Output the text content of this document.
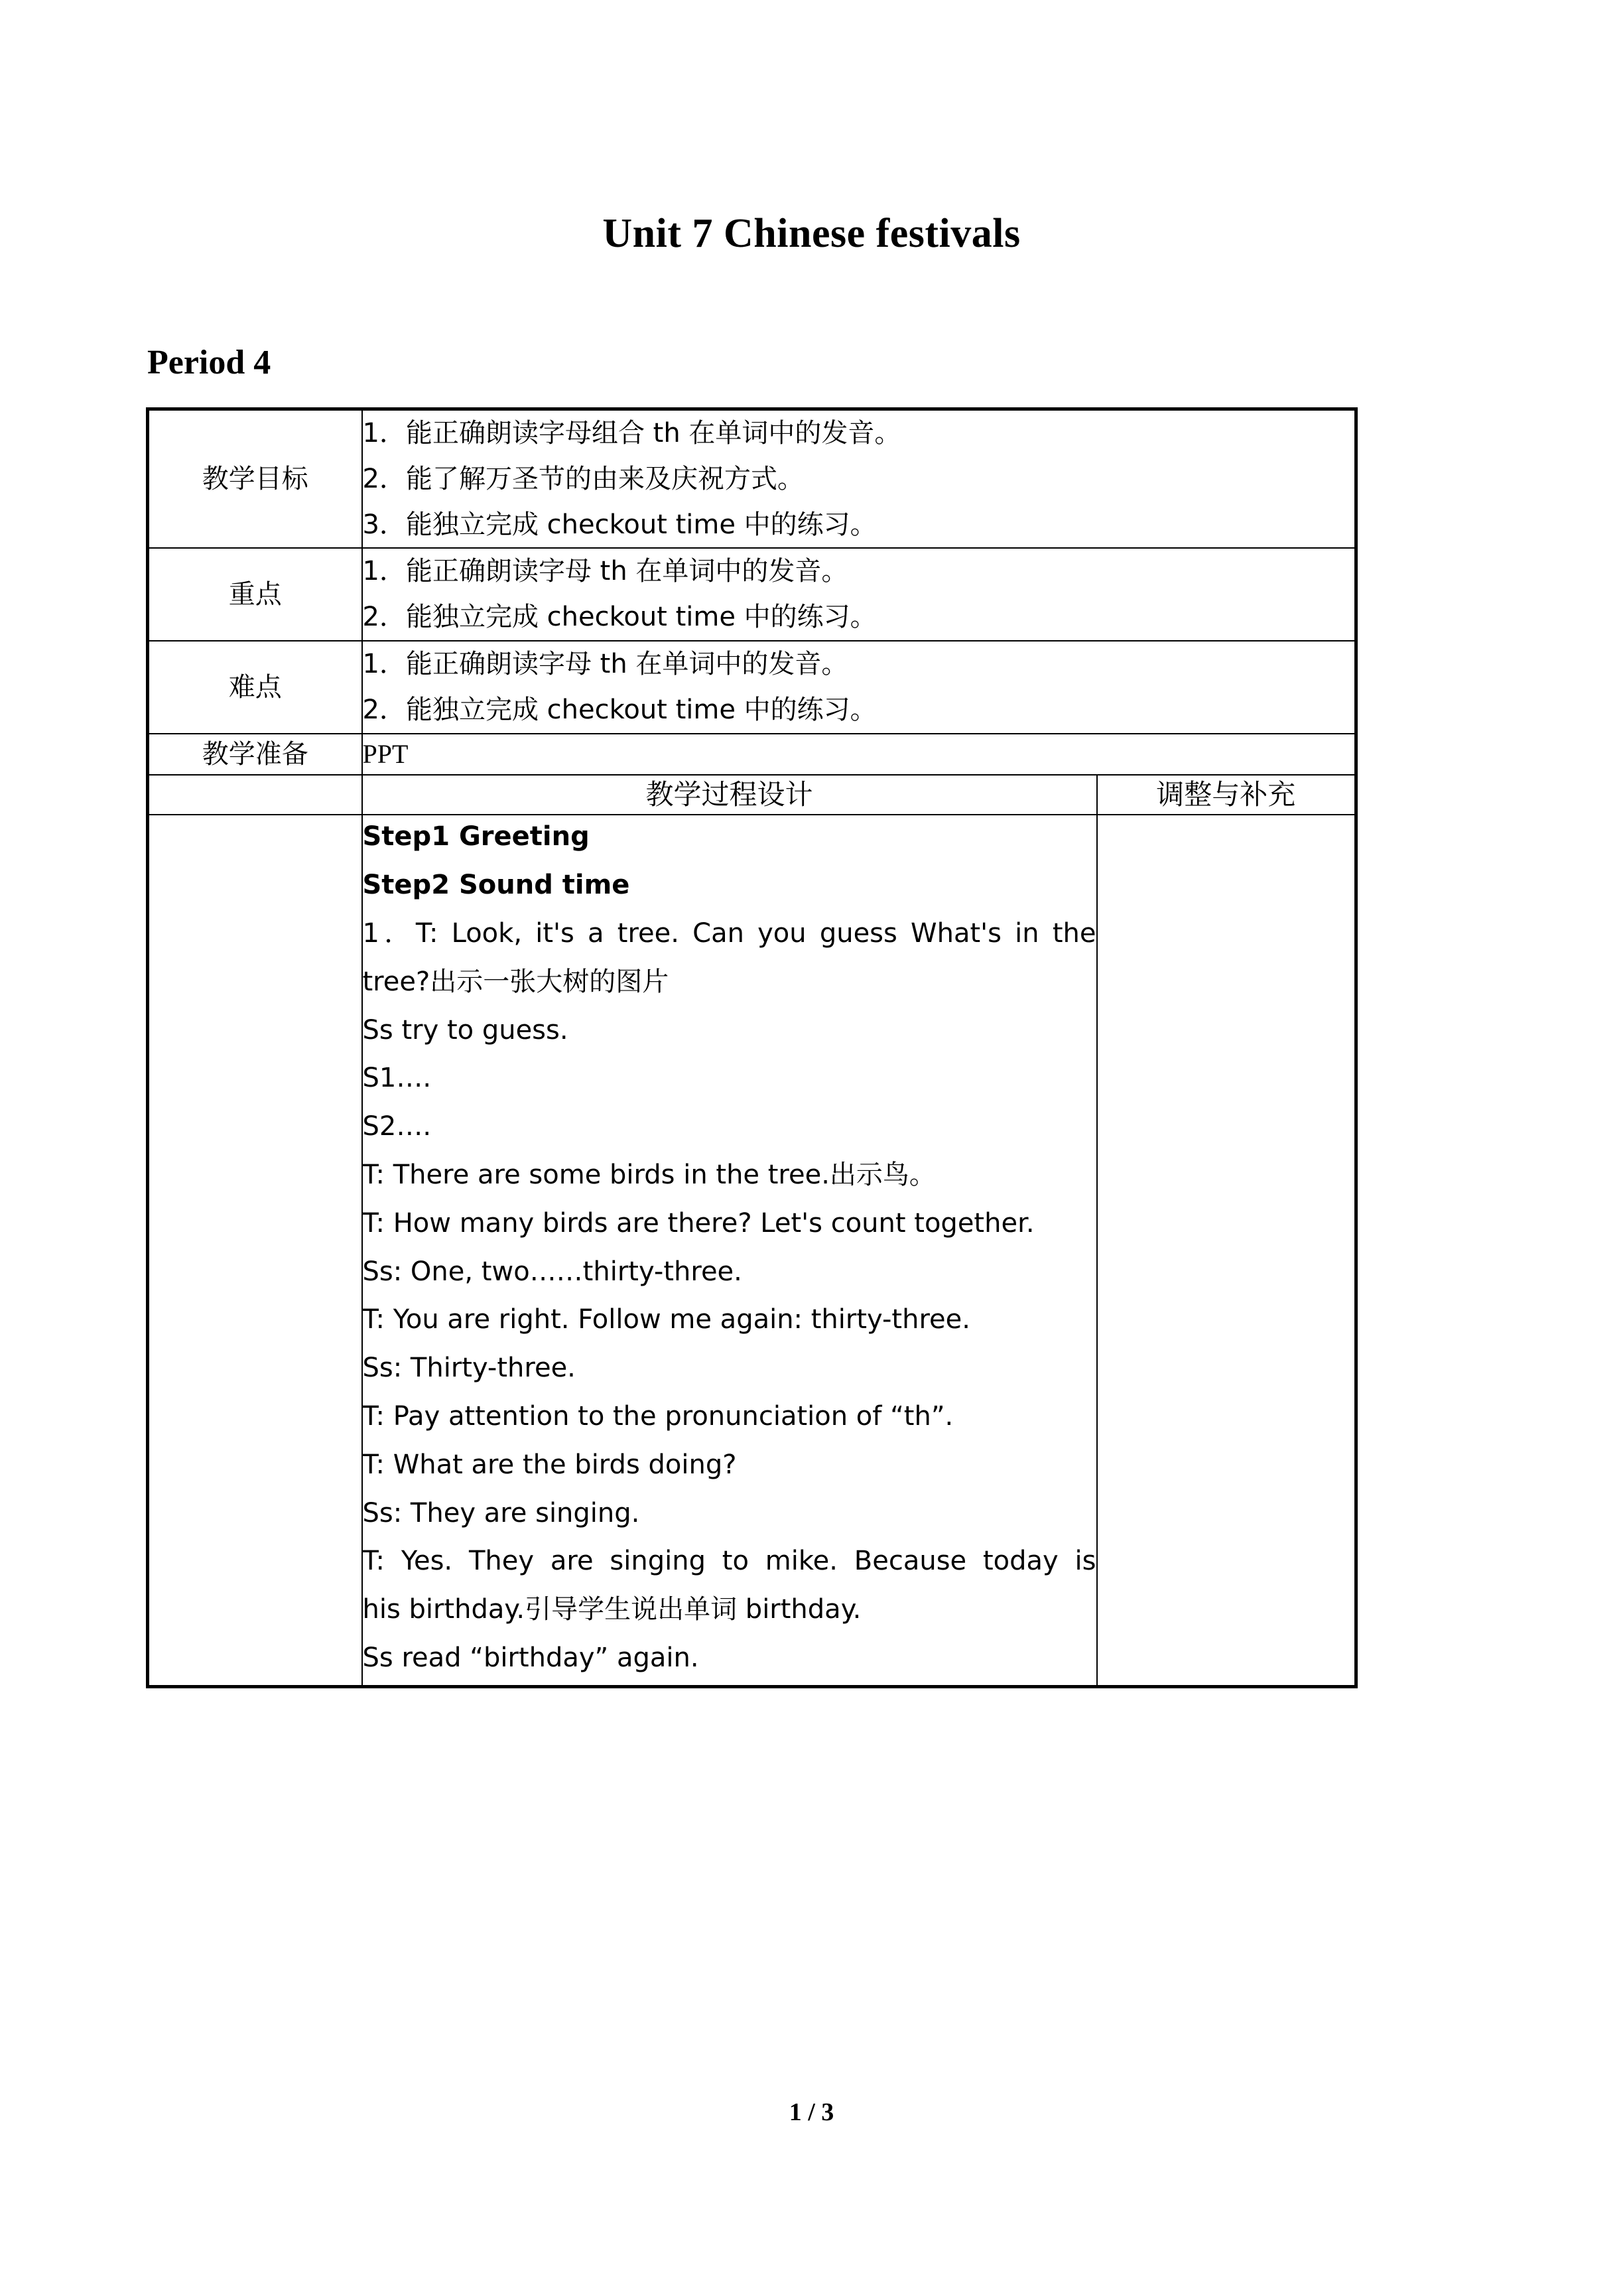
Unit 7 Chinese festivals
Period 4
教学目标	1．能正确朗读字母组合 th 在单词中的发音。
2．能了解万圣节的由来及庆祝方式。
3．能独立完成 checkout time 中的练习。	

重点	1．能正确朗读字母 th 在单词中的发音。
2．能独立完成 checkout time 中的练习。	

难点	1．能正确朗读字母 th 在单词中的发音。
2．能独立完成 checkout time 中的练习。	

教学准备	PPT	
	教学过程设计	调整与补充

Step1 Greeting
Step2 Sound time
1．T: Look, it's a tree. Can you guess What's in the
tree?出示一张大树的图片
Ss try to guess.
S1….
S2….
T: There are some birds in the tree.出示鸟。
T: How many birds are there? Let's count together.
Ss: One, two……thirty-three.
T: You are right. Follow me again: thirty-three.
Ss: Thirty-three.
T: Pay attention to the pronunciation of “th”.
T: What are the birds doing?
Ss: They are singing.
T: Yes. They are singing to mike. Because today is
his birthday.引导学生说出单词 birthday.
Ss read “birthday” again.

1 / 3
